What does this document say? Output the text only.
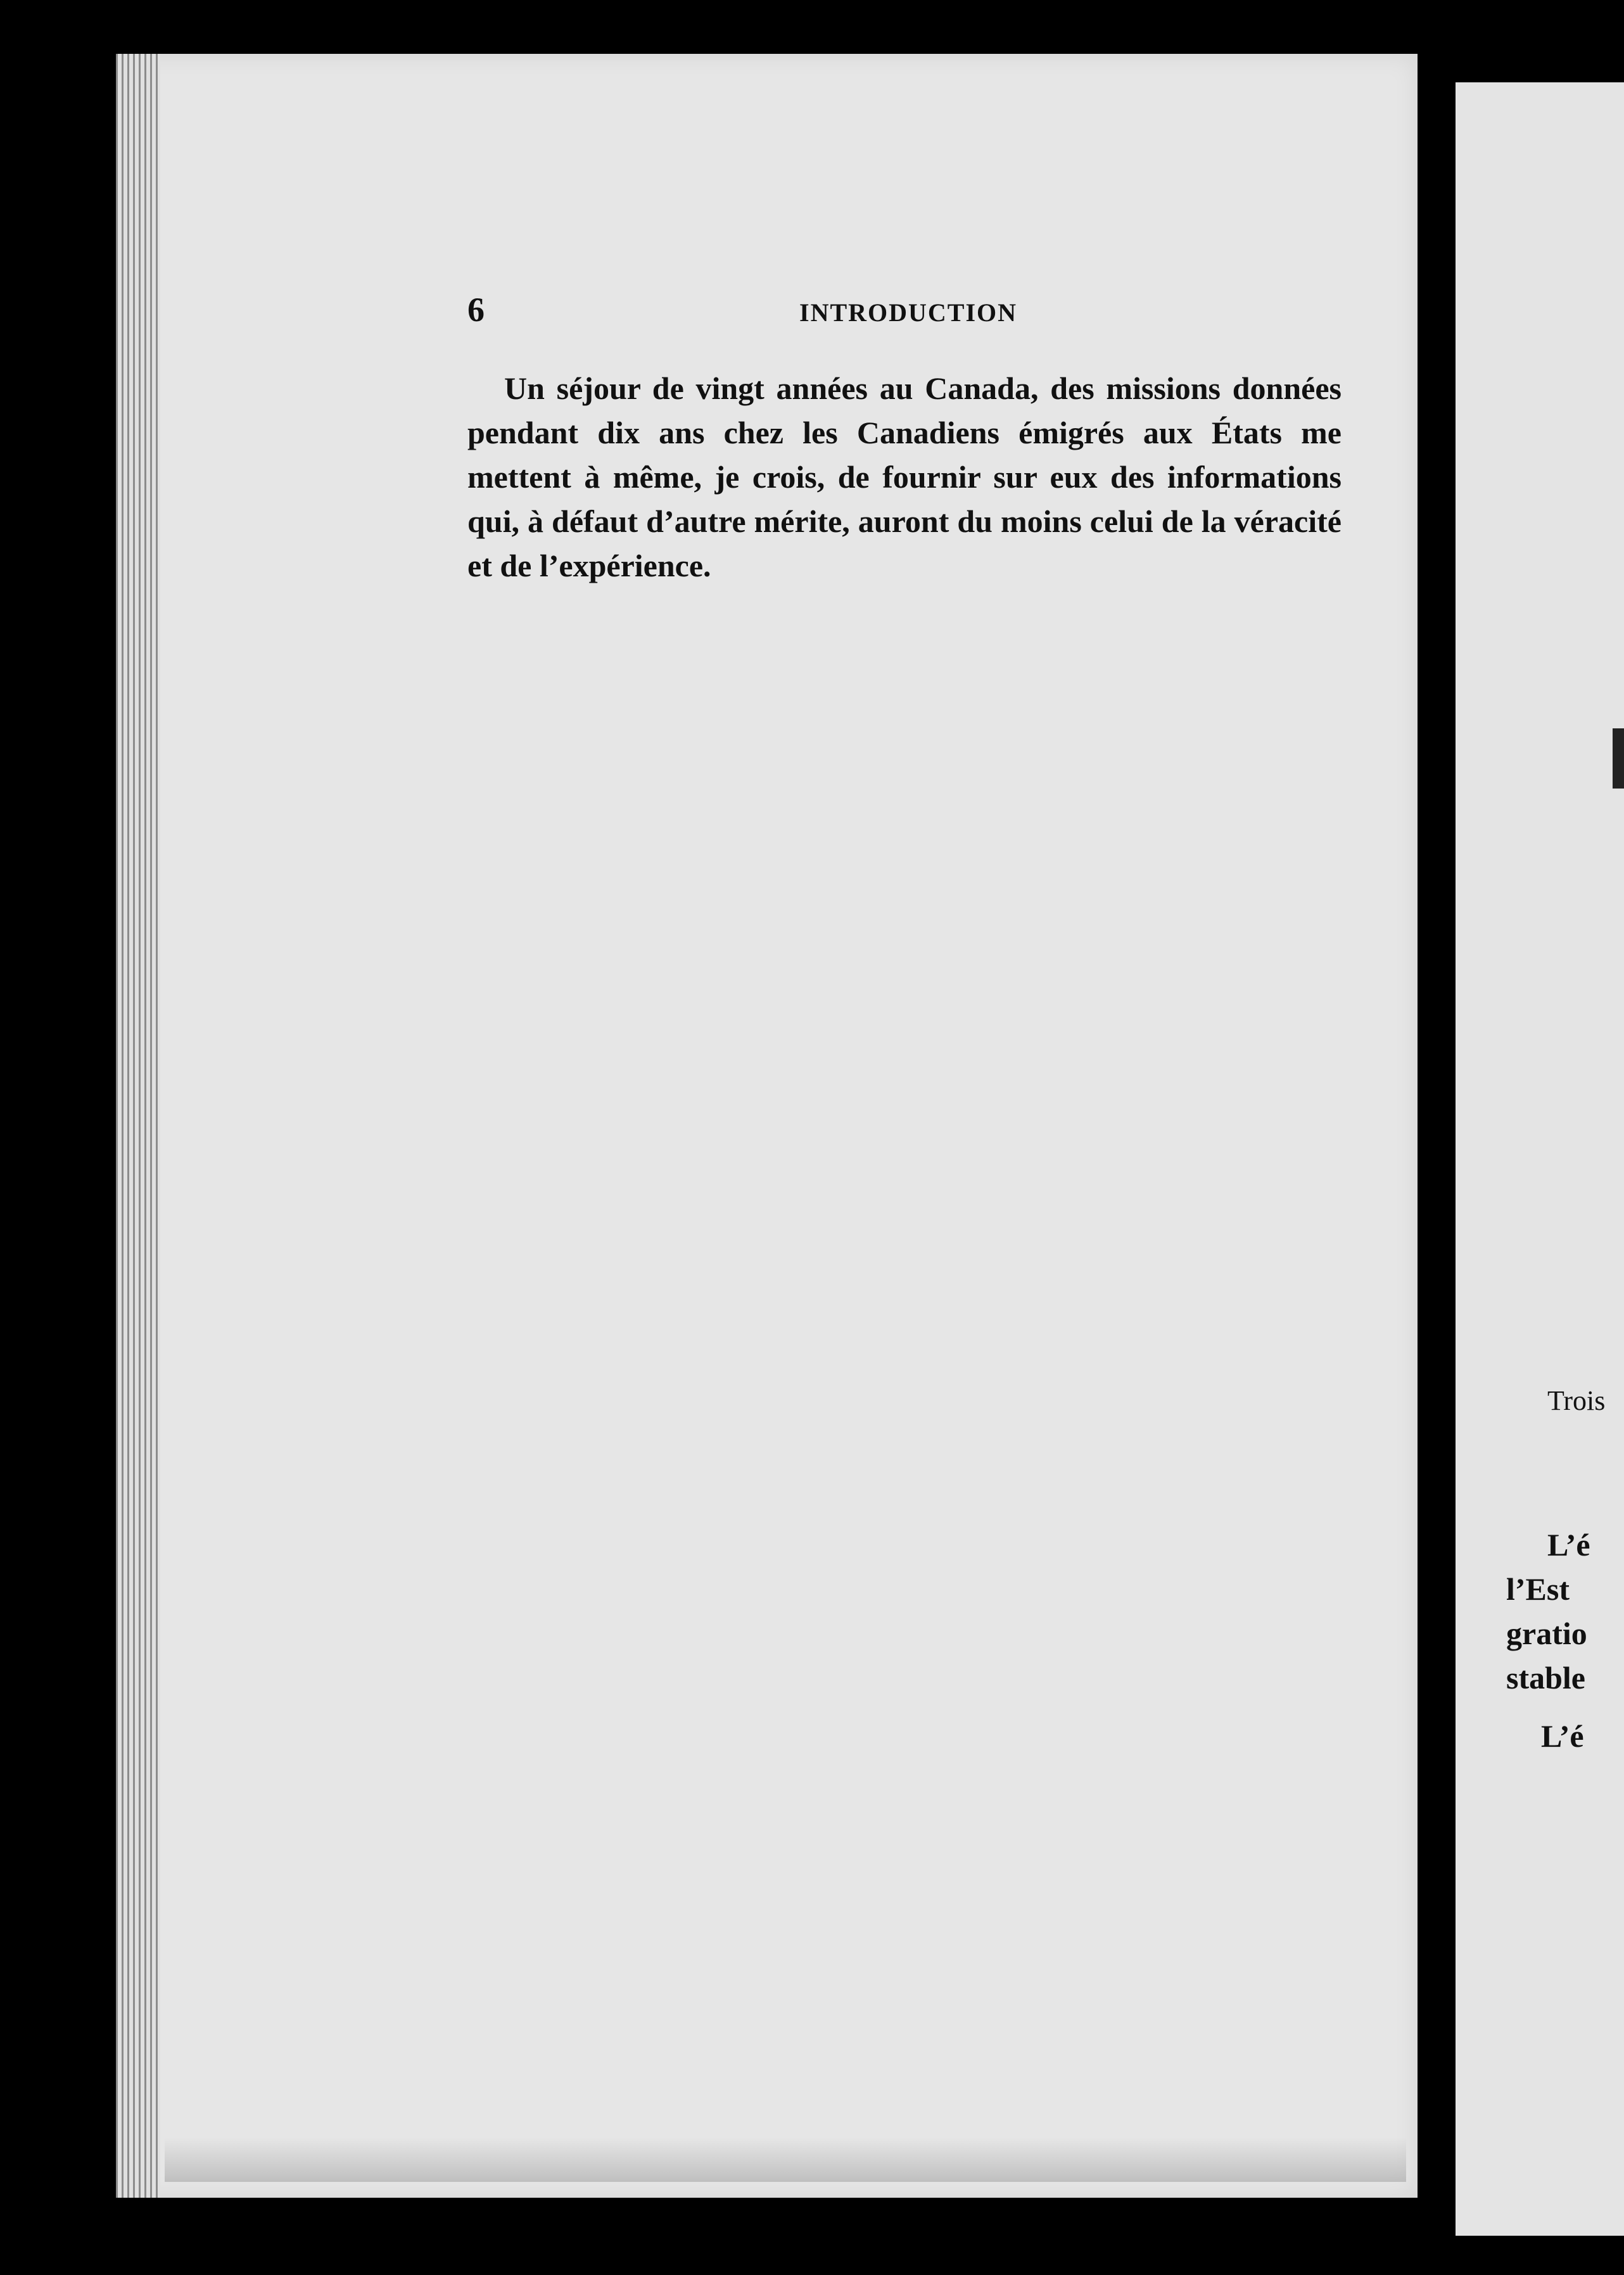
6	INTRODUCTION

Un séjour de vingt années au Canada, des missions données pendant dix ans chez les Canadiens émigrés aux États me mettent à même, je crois, de fournir sur eux des informations qui, à défaut d’autre mérite, auront du moins celui de la véracité et de l’expérience.

Trois
L’é
l’Est
gratio
stable
L’é
